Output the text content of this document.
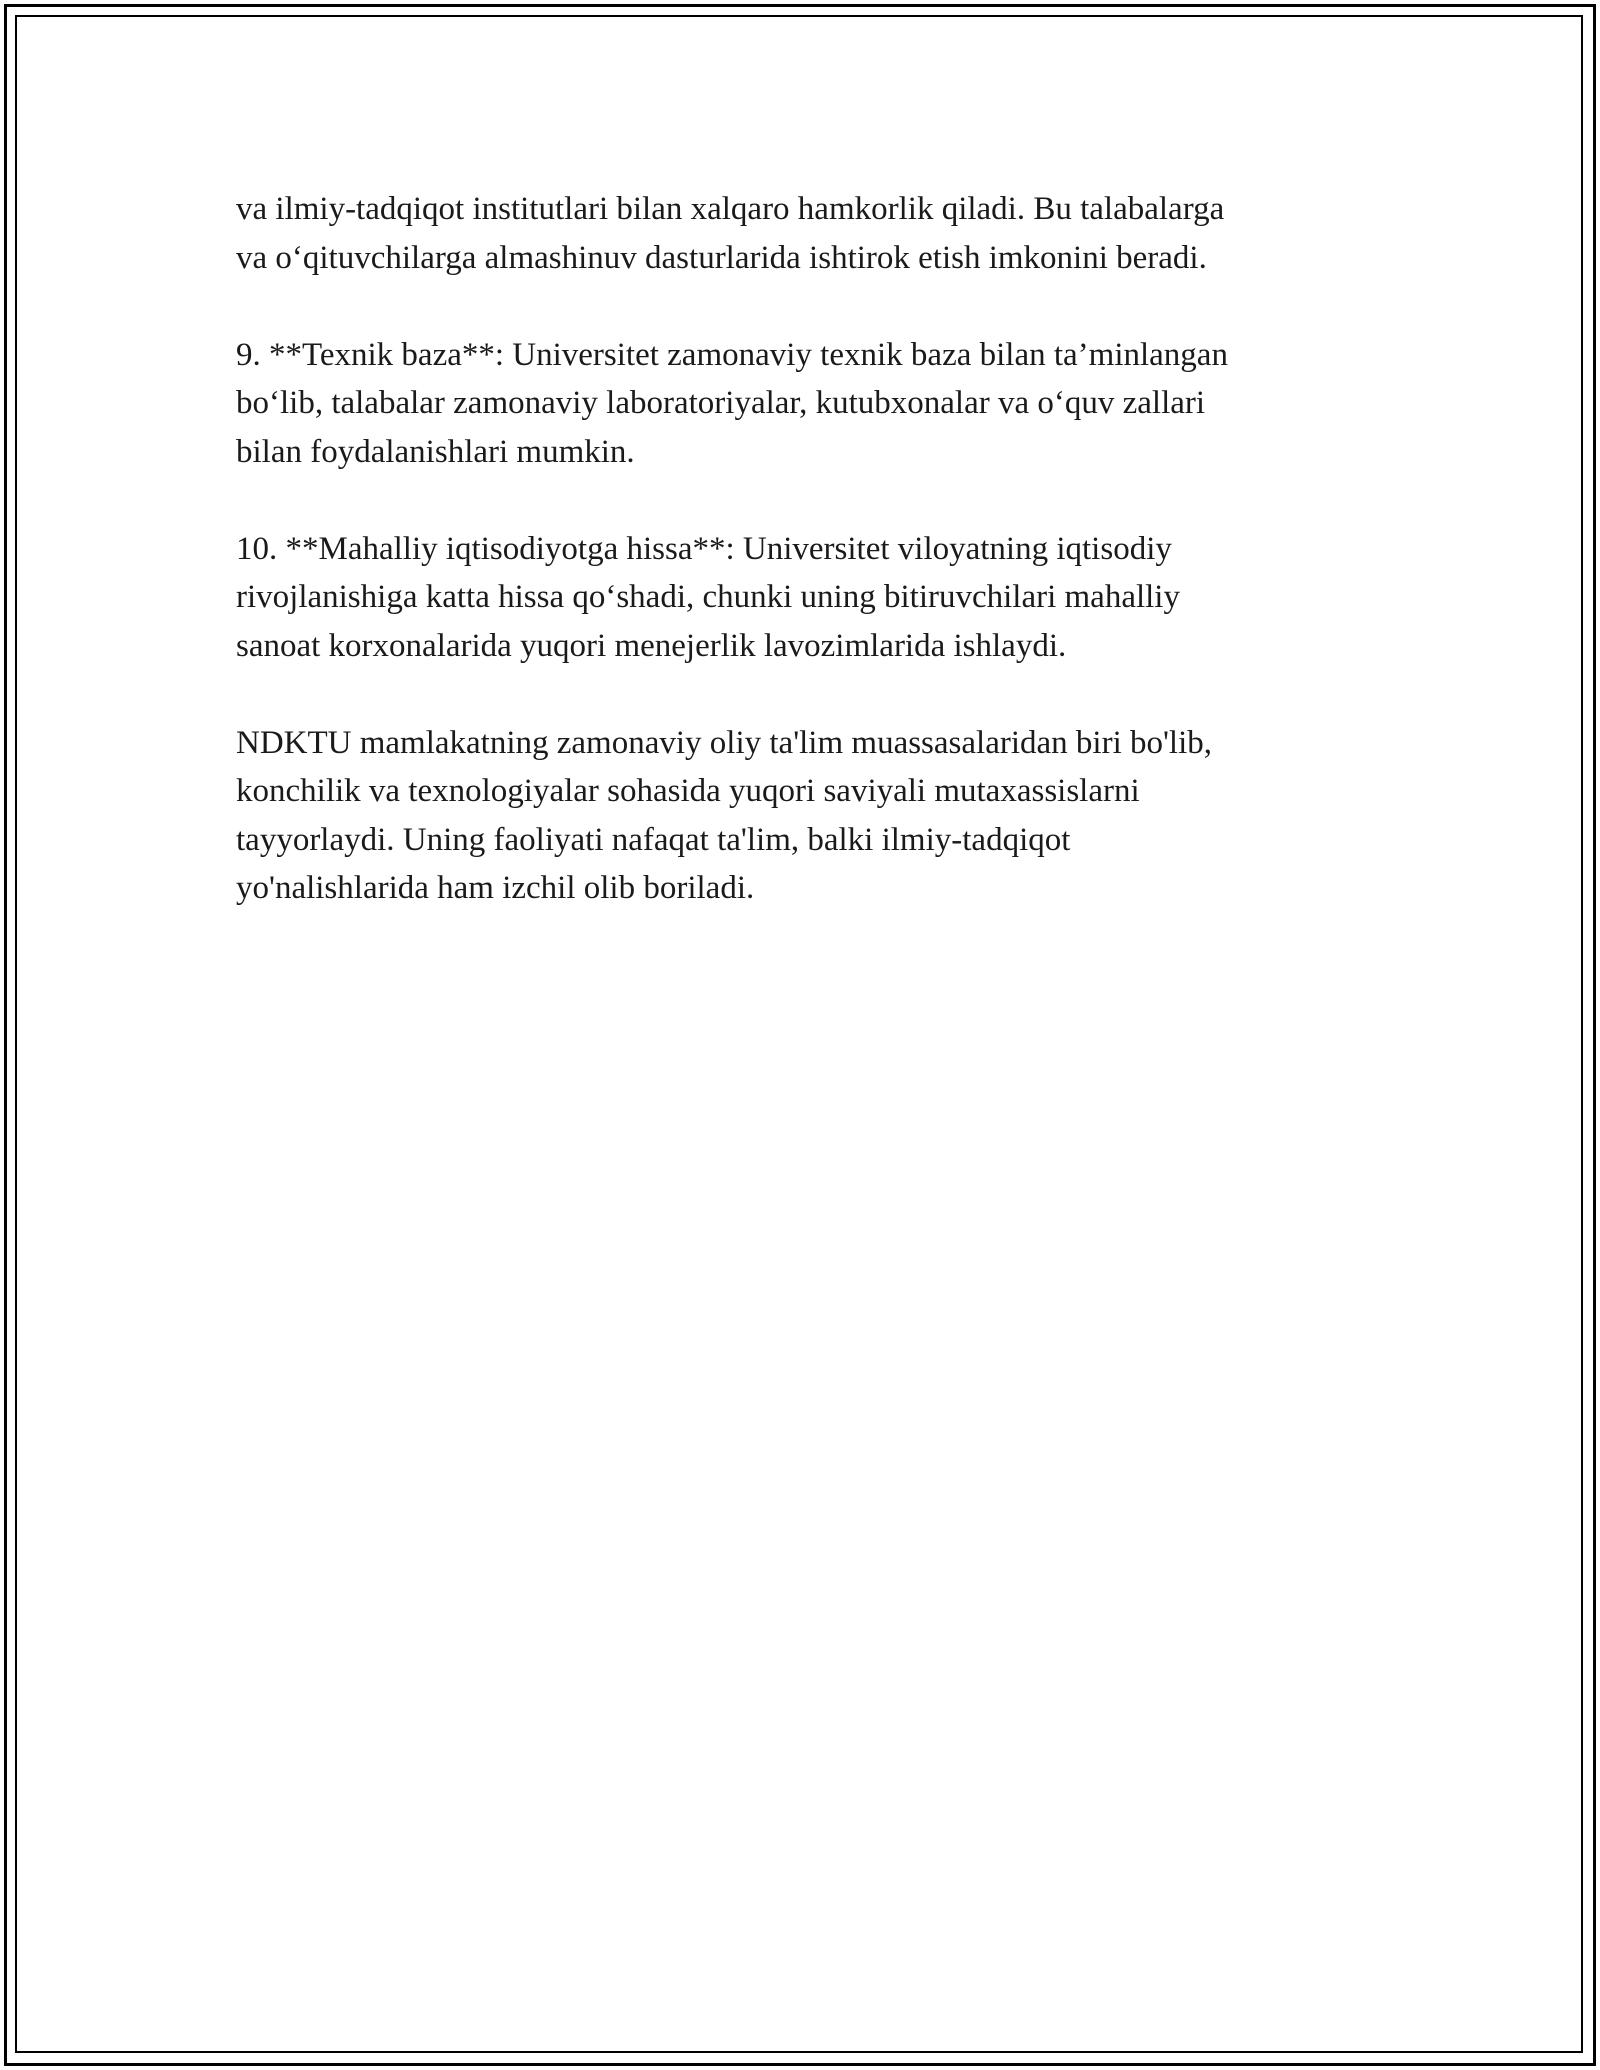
va ilmiy-tadqiqot institutlari bilan xalqaro hamkorlik qiladi. Bu talabalarga
va o‘qituvchilarga almashinuv dasturlarida ishtirok etish imkonini beradi.

9. **Texnik baza**: Universitet zamonaviy texnik baza bilan ta’minlangan
bo‘lib, talabalar zamonaviy laboratoriyalar, kutubxonalar va o‘quv zallari
bilan foydalanishlari mumkin.

10. **Mahalliy iqtisodiyotga hissa**: Universitet viloyatning iqtisodiy
rivojlanishiga katta hissa qo‘shadi, chunki uning bitiruvchilari mahalliy
sanoat korxonalarida yuqori menejerlik lavozimlarida ishlaydi.

NDKTU mamlakatning zamonaviy oliy ta'lim muassasalaridan biri bo'lib,
konchilik va texnologiyalar sohasida yuqori saviyali mutaxassislarni
tayyorlaydi. Uning faoliyati nafaqat ta'lim, balki ilmiy-tadqiqot
yo'nalishlarida ham izchil olib boriladi.
